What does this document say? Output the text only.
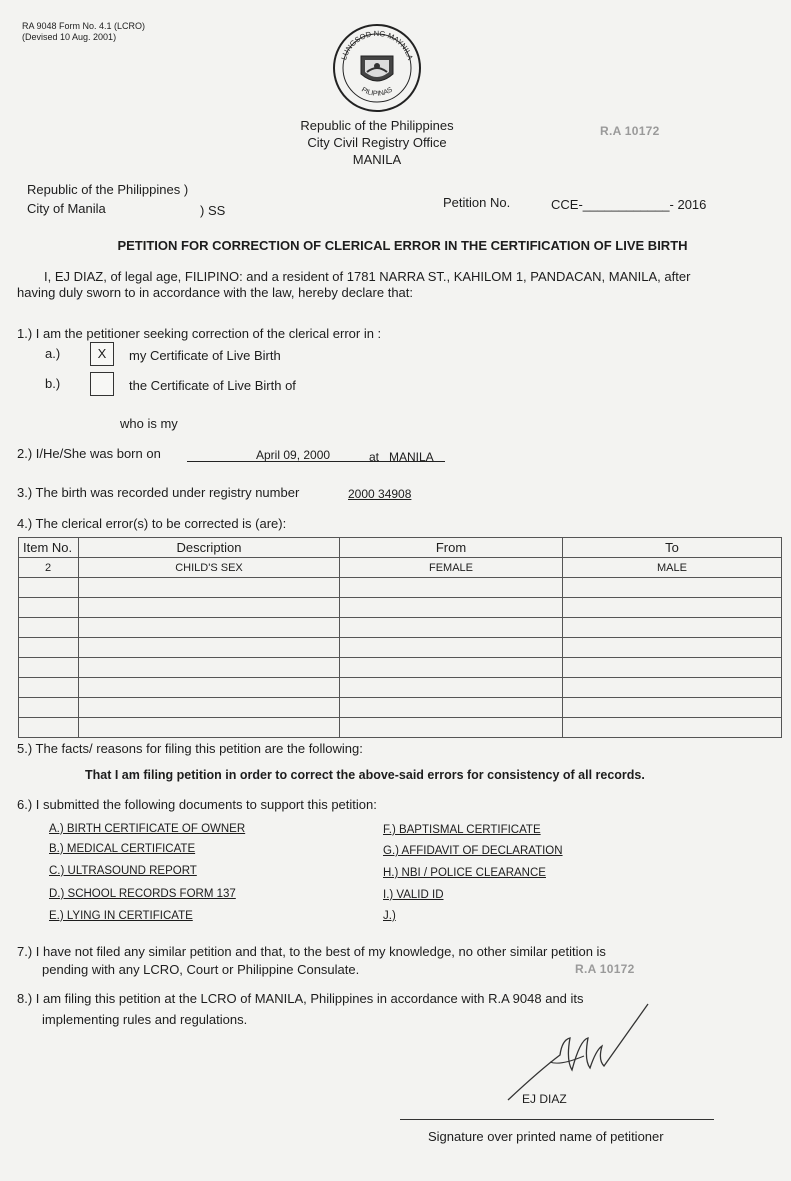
RA 9048 Form No. 4.1 (LCRO)
(Devised 10 Aug. 2001)
LUNGSOD NG MAYNILA
PILIPINAS
Republic of the Philippines
City Civil Registry Office
MANILA
R.A 10172
Republic of the Philippines )
City of Manila	) SS
Petition No.	CCE-____________- 2016
PETITION FOR CORRECTION OF CLERICAL ERROR IN THE CERTIFICATION OF LIVE BIRTH
I, EJ DIAZ, of legal age, FILIPINO: and a resident of 1781 NARRA ST., KAHILOM 1, PANDACAN, MANILA, after
having duly sworn to in accordance with the law, hereby declare that:
1.) I am the petitioner seeking correction of the clerical error in :
a.)	X	my Certificate of Live Birth
b.)	the Certificate of Live Birth of
who is my
2.) I/He/She was born on	April 09, 2000	at MANILA
3.) The birth was recorded under registry number	2000 34908
4.) The clerical error(s) to be corrected is (are):
Item No.	Description	From	To
2	CHILD'S SEX	FEMALE	MALE

5.) The facts/ reasons for filing this petition are the following:
That I am filing petition in order to correct the above-said errors for consistency of all records.
6.) I submitted the following documents to support this petition:
A.) BIRTH CERTIFICATE OF OWNER
B.) MEDICAL CERTIFICATE
C.) ULTRASOUND REPORT
D.) SCHOOL RECORDS FORM 137
E.) LYING IN CERTIFICATE
F.) BAPTISMAL CERTIFICATE
G.) AFFIDAVIT OF DECLARATION
H.) NBI / POLICE CLEARANCE
I.) VALID ID
J.)
7.) I have not filed any similar petition and that, to the best of my knowledge, no other similar petition is
pending with any LCRO, Court or Philippine Consulate.	R.A 10172
8.) I am filing this petition at the LCRO of MANILA, Philippines in accordance with R.A 9048 and its
implementing rules and regulations.
EJ DIAZ
Signature over printed name of petitioner
